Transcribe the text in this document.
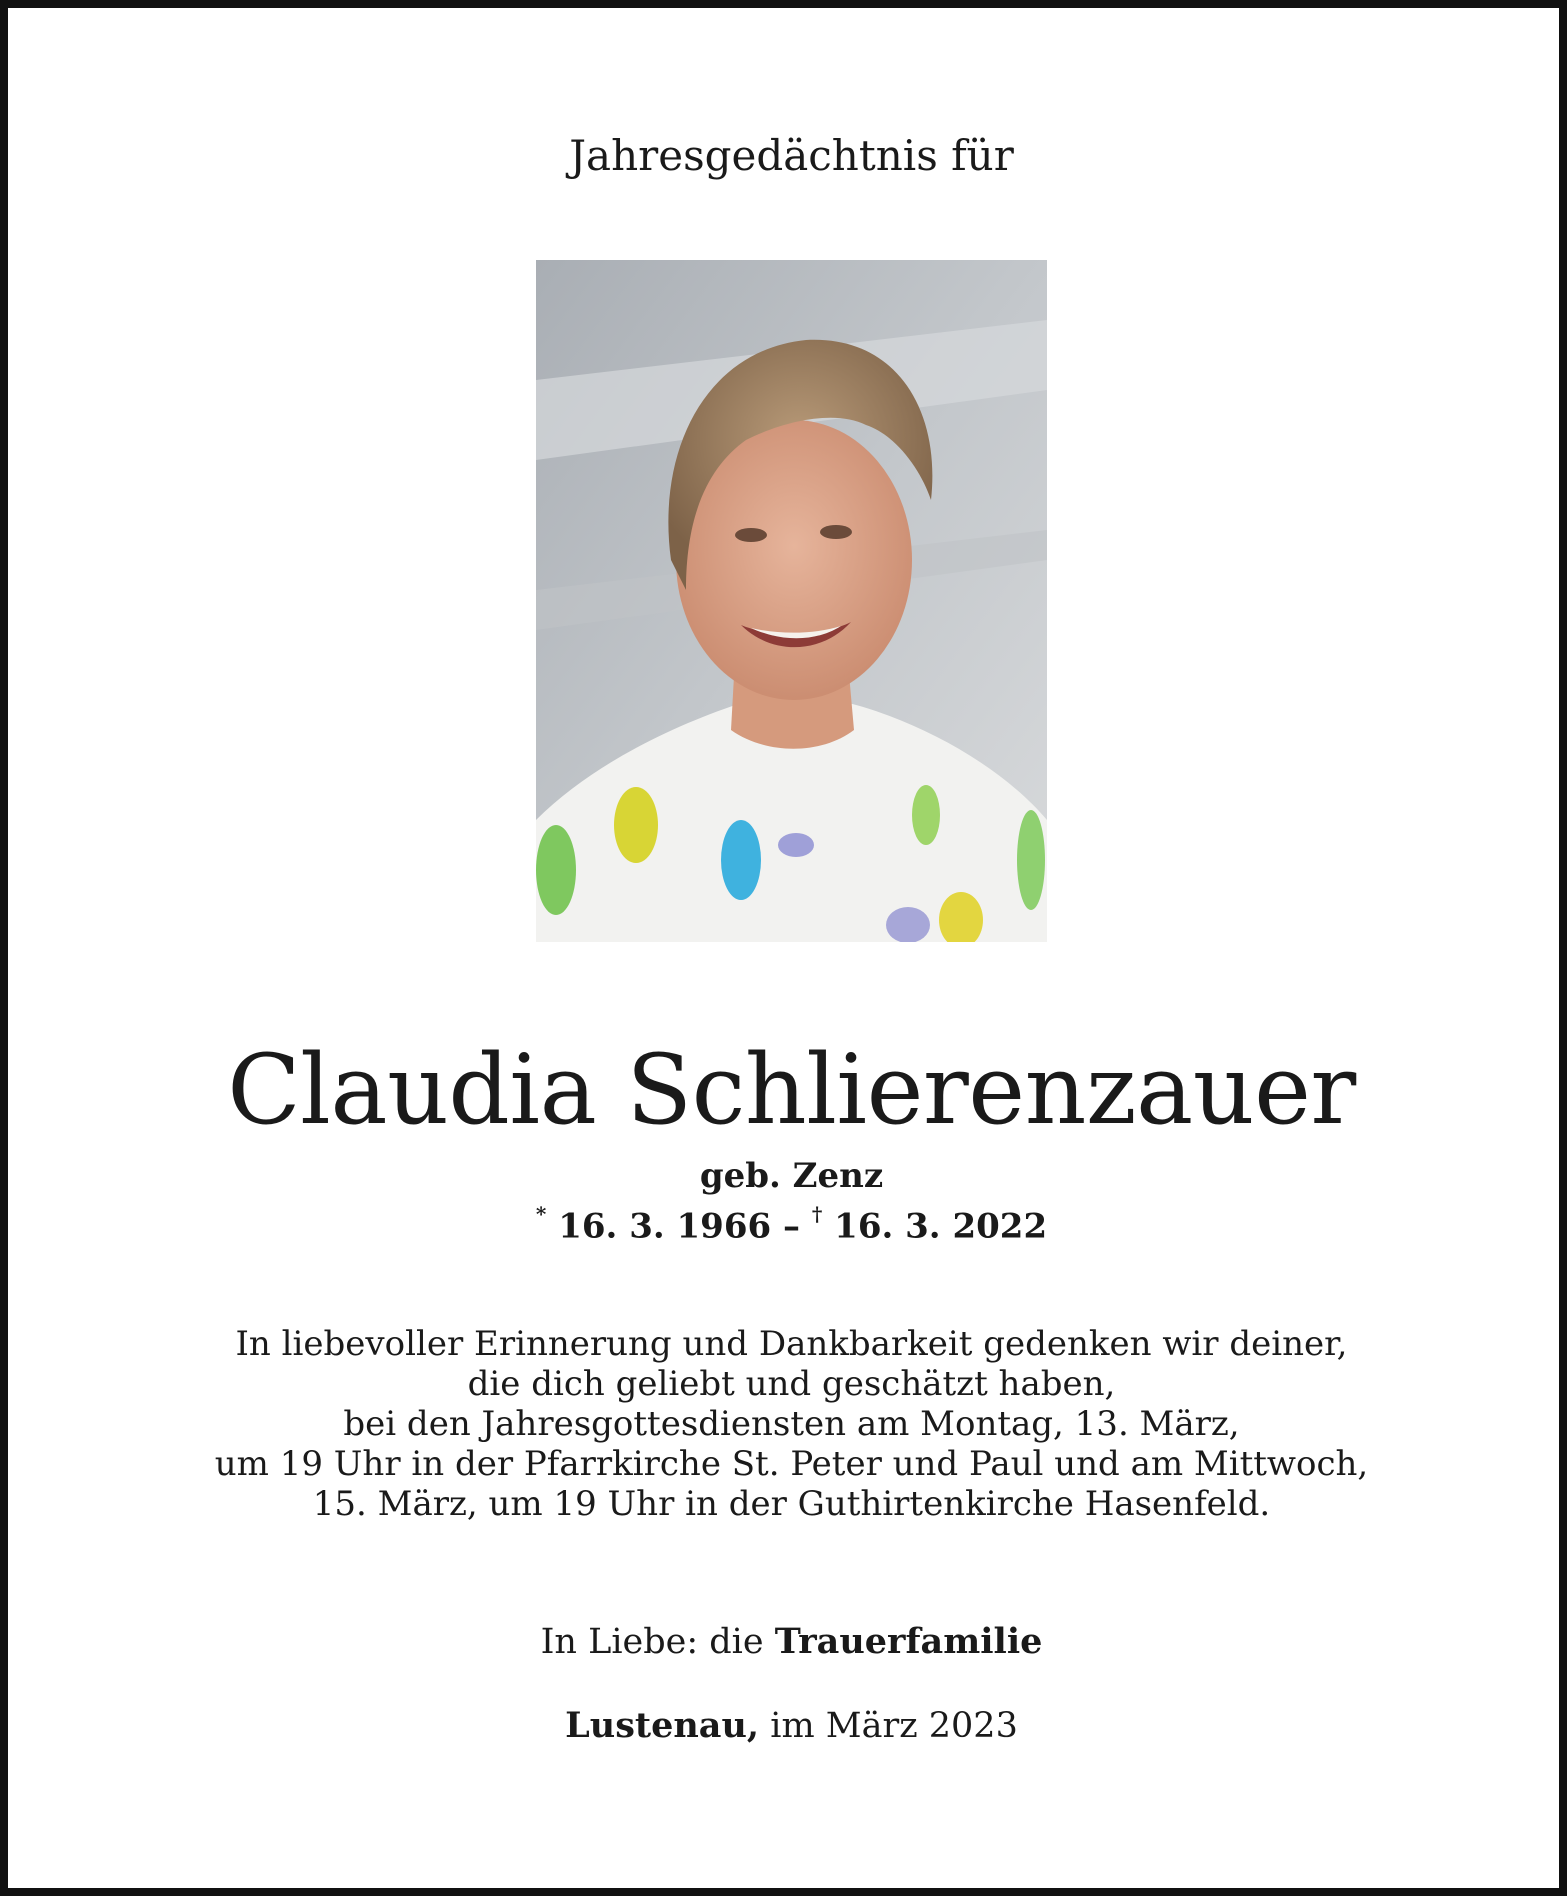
Jahresgedächtnis für
Claudia Schlierenzauer
geb. Zenz
* 16. 3. 1966 – † 16. 3. 2022
In liebevoller Erinnerung und Dankbarkeit gedenken wir deiner,
die dich geliebt und geschätzt haben,
bei den Jahresgottesdiensten am Montag, 13. März,
um 19 Uhr in der Pfarrkirche St. Peter und Paul und am Mittwoch,
15. März, um 19 Uhr in der Guthirtenkirche Hasenfeld.
In Liebe: die Trauerfamilie
Lustenau, im März 2023
